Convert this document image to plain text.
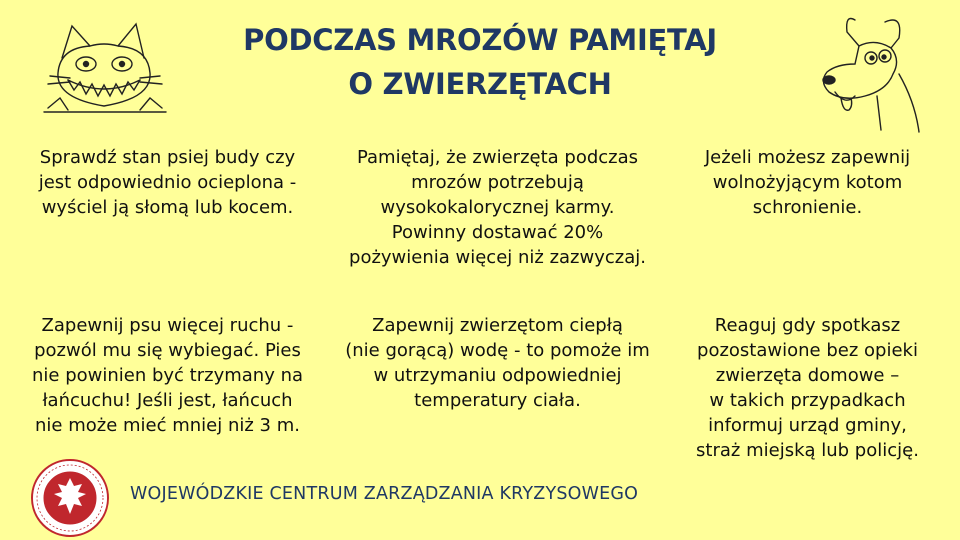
PODCZAS MROZÓW PAMIĘTAJ
O ZWIERZĘTACH
Sprawdź stan psiej budy czy
jest odpowiednio ocieplona -
wyściel ją słomą lub kocem.
Pamiętaj, że zwierzęta podczas
mrozów potrzebują
wysokokalorycznej karmy.
Powinny dostawać 20%
pożywienia więcej niż zazwyczaj.
Jeżeli możesz zapewnij
wolnożyjącym kotom
schronienie.
Zapewnij psu więcej ruchu -
pozwól mu się wybiegać. Pies
nie powinien być trzymany na
łańcuchu! Jeśli jest, łańcuch
nie może mieć mniej niż 3 m.
Zapewnij zwierzętom ciepłą
(nie gorącą) wodę - to pomoże im
w utrzymaniu odpowiedniej
temperatury ciała.
Reaguj gdy spotkasz
pozostawione bez opieki
zwierzęta domowe –
w takich przypadkach
informuj urząd gminy,
straż miejską lub policję.
WOJEWÓDZKIE CENTRUM ZARZĄDZANIA KRYZYSOWEGO
